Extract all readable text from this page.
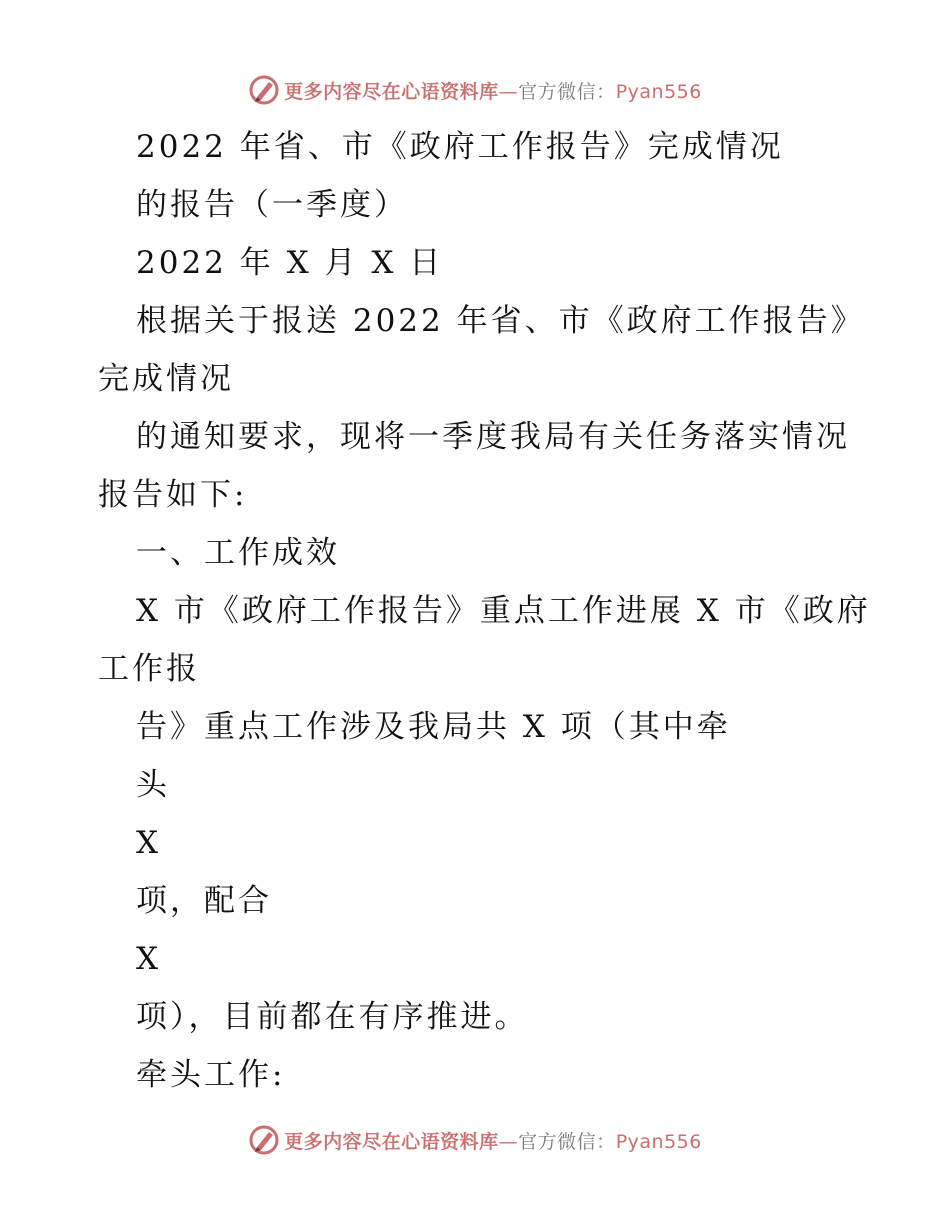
更多内容尽在心语资料库—官方微信：Pyan556
2022 年省、市《政府工作报告》完成情况
的报告（一季度）
2022 年 X 月 X 日
根据关于报送 2022 年省、市《政府工作报告》
完成情况
的通知要求，现将一季度我局有关任务落实情况
报告如下:
一、工作成效
X 市《政府工作报告》重点工作进展 X 市《政府
工作报
告》重点工作涉及我局共 X 项（其中牵
头
X
项，配合
X
项），目前都在有序推进。
牵头工作:
更多内容尽在心语资料库—官方微信：Pyan556
